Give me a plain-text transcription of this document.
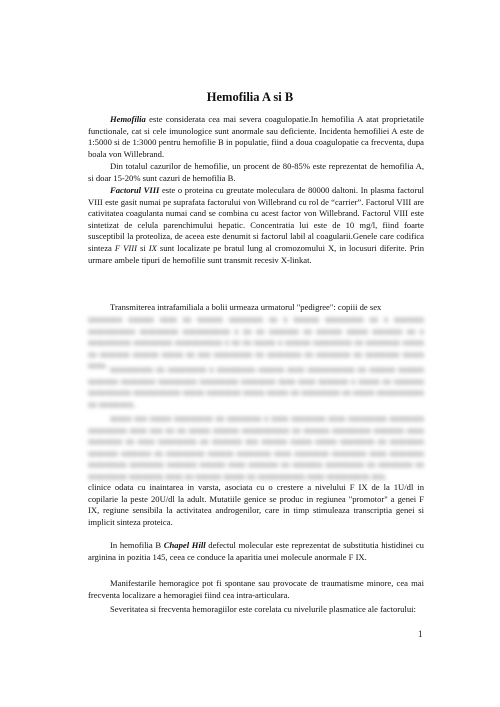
Hemofilia A si B

Hemofilia este considerata cea mai severa coagulopatie.In hemofilia A atat proprietatile functionale, cat si cele imunologice sunt anormale sau deficiente. Incidenta hemofiliei A este de 1:5000 si de 1:3000 pentru hemofilie B in populatie, fiind a doua coagulopatie ca frecventa, dupa boala von Willebrand.

Din totalul cazurilor de hemofilie, un procent de 80-85% este reprezentat de hemofilia A, si doar 15-20% sunt cazuri de hemofilia B.

Factorul VIII este o proteina cu greutate moleculara de 80000 daltoni. In plasma factorul VIII este gasit numai pe suprafata factorului von Willebrand cu rol de “carrier”. Factorul VIII are cativitatea coagulanta numai cand se combina cu acest factor von Willebrand. Factorul VIII este sintetizat de celula parenchimului hepatic. Concentratia lui este de 10 mg/l, fiind foarte susceptibil la proteoliza, de aceea este denumit si factorul labil al coagularii.Genele care codifica sinteza F VIII si IX sunt localizate pe bratul lung al cromozomului X, in locusuri diferite. Prin urmare ambele tipuri de hemofilie sunt transmit recesiv X-linkat.

Transmiterea intrafamiliala a bolii urmeaza urmatorul "pedigree": copiii de sex

xxxxxxxx xxxxxx xxxx xx xxxxxx xxxxxxxx xx x xxxxxx xxxxxxxxx xx x xxxxxxx xxxxxxxxxxx xxxxxxxxx xxxxxxxxxxx x xx xx xxxxxxx xx xxxxxx xxxxx xxxxxxx xx x xxxxxxxxxx xxxxxxxxx xxxxxxxxxxx x xx xx xxxxx x xxxxxx xxxxxxxxx xx xxxxxxxx xxxxx xx xxxxxxx xxxxxx xxxxx xx xxx xxxxxxxxx xx xxxxxxxx xx xxxxxxxx xx xxxxxxxx xxxxx xxxx. xxxxxxxxxx xx xxxxxxxxx x xxxxxxxxx xxxxxx xxxx xxxxxxxxxxx xx xxxxxx xxxxxx xxxxxxx xxxxxxxx xxxxxxxxx xxxxxxxxx xxxxxxxx xxxx xxxx xxxxxxx x xxxxx xx xxxxxxx xxxxxxxxxx xxxxxxxxxxx xxxxx xxxxxxxx xxxxx xxxxx xx xxxxxxxxx xx xxxxx xxxxxxxxxxx xx xxxxxxxx.

xxxxx xxx xxxxx xxxxxxxxx xx xxxxxxxx x xxxx xxxxxxxx xxxx xxxxxxxxx xxxxxxxx xxxxxxxxx xxxx xxx xx xx xxxxx xxxxxx xxxxxxxxxxx xx xxxxxx xxxxxxxxx xxxxxxx xxxx xxxxxxxx xx xxxx xxxxxxxxx xx xxxxxxx xxx xxxxxx xxxxx xxxxx xxxxxxxx xx xxxxxxxx xxxxxxx xxxxxxx xx xxxxxxxxx xxxxxx xxxxxxxx xxxx xxxxxxxx xxxxxxxx xxxx xxxxxxxx xxxxxxxxx xxxxxxxx xxxxxxx xxxxxx xxxx xxxxxxx xx xxxxxxx xxxxxxxxx xx xxxxxxxx xx xxxxxxxxx xxxxxxxx xxxx xx xxxxxx xxxxx xx xxxxxxxxxxx xxxx xxxxxxxxxx xxx.

clinice odata cu inaintarea in varsta, asociata cu o crestere a nivelului F IX de la 1U/dl in copilarie la peste 20U/dl la adult. Mutatiile genice se produc in regiunea "promotor" a genei F IX, regiune sensibila la activitatea androgenilor, care in timp stimuleaza transcriptia genei si implicit sinteza proteica.

In hemofilia B Chapel Hill defectul molecular este reprezentat de substitutia histidinei cu arginina in pozitia 145, ceea ce conduce la aparitia unei molecule anormale F IX.

Manifestarile hemoragice pot fi spontane sau provocate de traumatisme minore, cea mai frecventa localizare a hemoragiei fiind cea intra-articulara.

Severitatea si frecventa hemoragiilor este corelata cu nivelurile plasmatice ale factorului:

1
